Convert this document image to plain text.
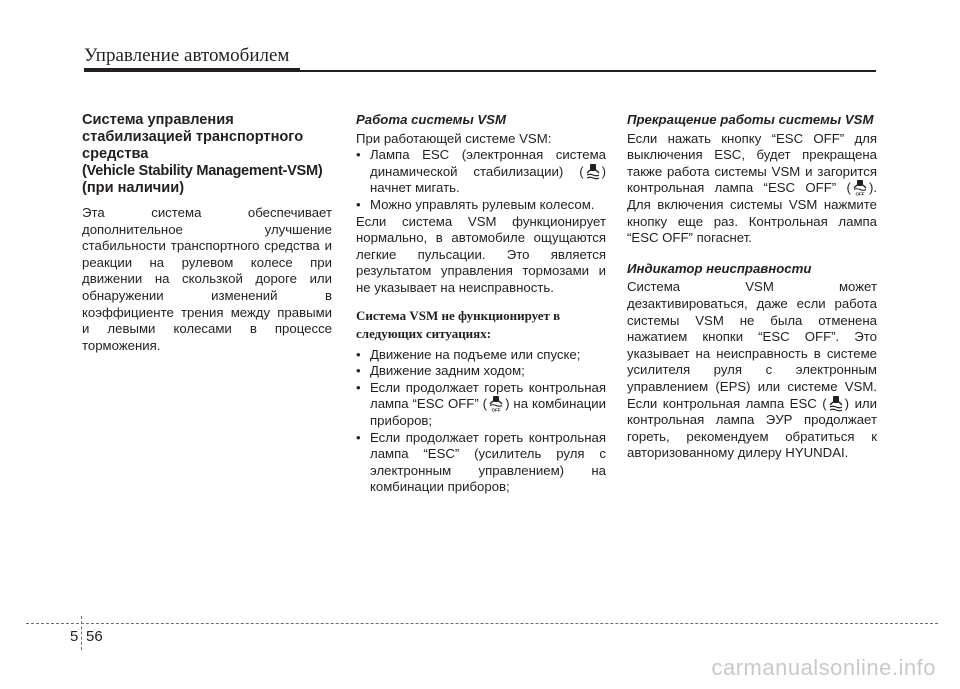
Управление автомобилем
Система управления
стабилизацией транспортного
средства
(Vehicle Stability Management-VSM)
(при наличии)

Эта система обеспечивает дополнительное улучшение стабильности транспортного средства и реакции на рулевом колесе при движении на скользкой дороге или обнаружении изменений в коэффициенте трения между правыми и левыми колесами в процессе торможения.

Работа системы VSM

При работающей системе VSM:

• Лампа ESC (электронная система динамической стабилизации) ( ) начнет мигать.
• Можно управлять рулевым колесом.

Если система VSM функционирует нормально, в автомобиле ощущаются легкие пульсации. Это является результатом управления тормозами и не указывает на неисправность.

Система VSM не функционирует в следующих ситуациях:
• Движение на подъеме или спуске;
• Движение задним ходом;
• Если продолжает гореть контрольная лампа “ESC OFF” ( OFF ) на комбинации приборов;
• Если продолжает гореть контрольная лампа “ESC” (усилитель руля с электронным управлением) на комбинации приборов;
Прекращение работы системы VSM

Если нажать кнопку “ESC OFF” для выключения ESC, будет прекращена также работа системы VSM и загорится контрольная лампа “ESC OFF” ( OFF ). Для включения системы VSM нажмите кнопку еще раз. Контрольная лампа “ESC OFF” погаснет.

Индикатор неисправности

Система VSM может дезактивироваться, даже если работа системы VSM не была отменена нажатием кнопки “ESC OFF”. Это указывает на неисправность в системе усилителя руля с электронным управлением (EPS) или системе VSM. Если контрольная лампа ESC ( ) или контрольная лампа ЭУР продолжает гореть, рекомендуем обратиться к авторизованному дилеру HYUNDAI.

5 56
carmanualsonline.info
